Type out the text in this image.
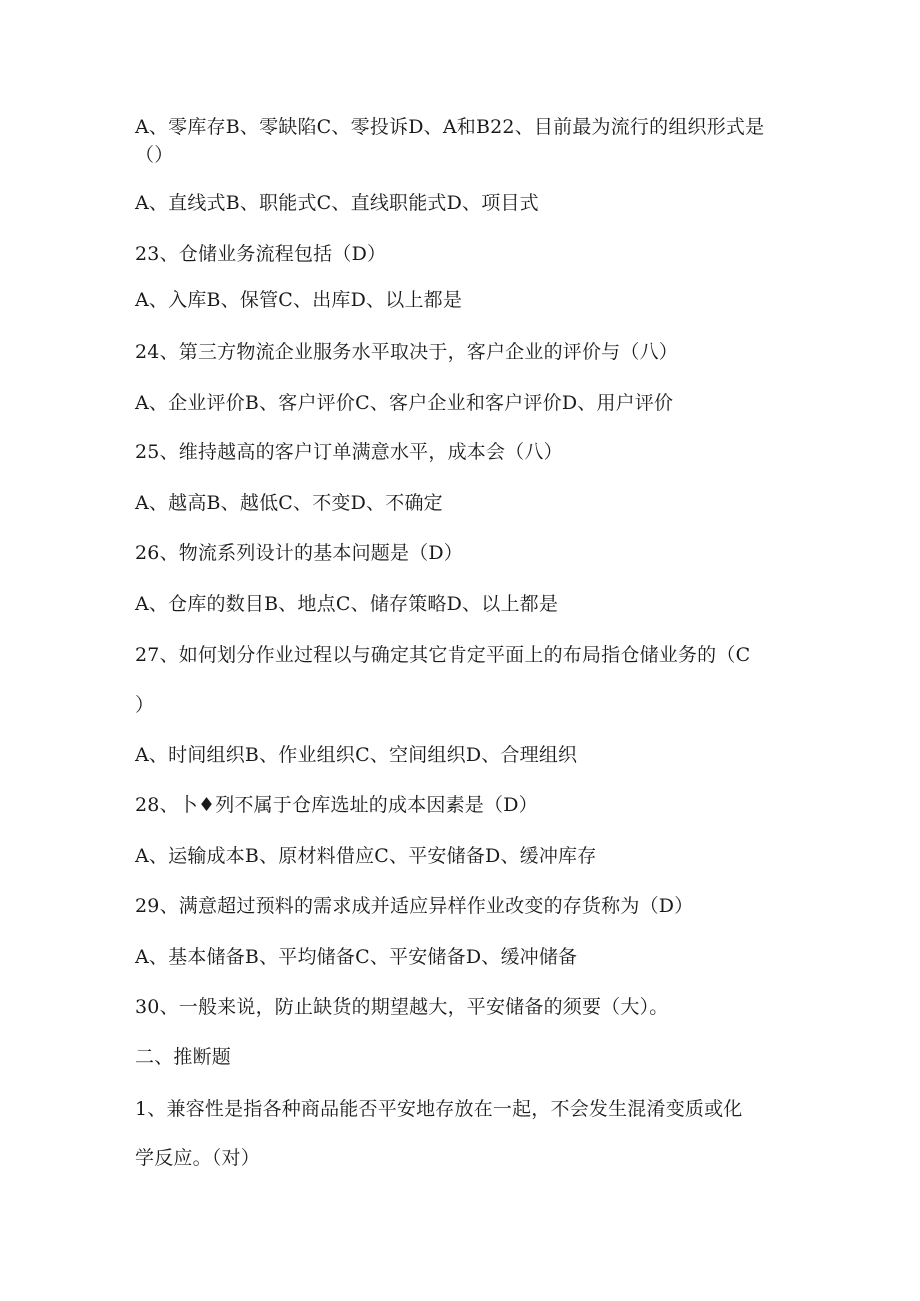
A、零库存B、零缺陷C、零投诉D、A和B22、目前最为流行的组织形式是
（）
A、直线式B、职能式C、直线职能式D、项目式
23、仓储业务流程包括（D）
A、入库B、保管C、出库D、以上都是
24、第三方物流企业服务水平取决于，客户企业的评价与（八）
A、企业评价B、客户评价C、客户企业和客户评价D、用户评价
25、维持越高的客户订单满意水平，成本会（八）
A、越高B、越低C、不变D、不确定
26、物流系列设计的基本问题是（D）
A、仓库的数目B、地点C、储存策略D、以上都是
27、如何划分作业过程以与确定其它肯定平面上的布局指仓储业务的（C
）
A、时间组织B、作业组织C、空间组织D、合理组织
28、卜♦列不属于仓库选址的成本因素是（D）
A、运输成本B、原材料借应C、平安储备D、缓冲库存
29、满意超过预料的需求成并适应异样作业改变的存货称为（D）
A、基本储备B、平均储备C、平安储备D、缓冲储备
30、一般来说，防止缺货的期望越大，平安储备的须要（大）。
二、推断题
1、兼容性是指各种商品能否平安地存放在一起，不会发生混淆变质或化
学反应。（对）
